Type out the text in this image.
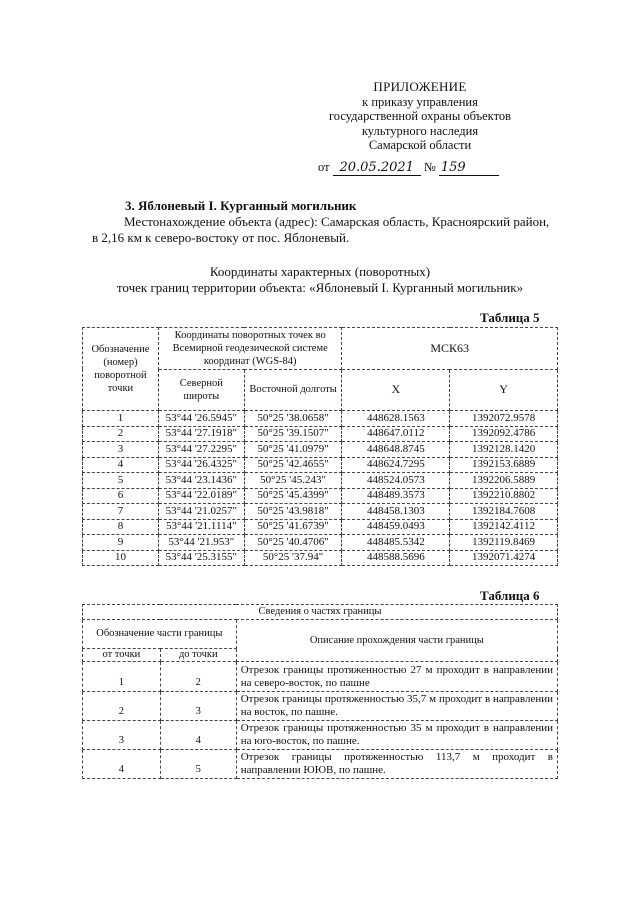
ПРИЛОЖЕНИЕ
к приказу управления
государственной охраны объектов
культурного наследия
Самарской области
от 20.05.2021 № 159
3. Яблоневый I. Курганный могильник
Местонахождение объекта (адрес): Самарская область, Красноярский район, в 2,16 км к северо-востоку от пос. Яблоневый.
Координаты характерных (поворотных)
точек границ территории объекта: «Яблоневый I. Курганный могильник»
Таблица 5
Обозначение (номер) поворотной точки	Координаты поворотных точек во Всемирной геодезической системе координат (WGS-84)		МСК63	
	Северной широты	Восточной долготы	X	Y
1	53°44 '26.5945"	50°25 '38.0658"	448628.1563	1392072.9578
2	53°44 '27.1918"	50°25 '39.1507"	448647.0112	1392092.4786
3	53°44 '27.2295"	50°25 '41.0979"	448648.8745	1392128.1420
4	53°44 '26.4325"	50°25 '42.4655"	448624.7295	1392153.6889
5	53°44 '23.1436"	50°25 '45.243"	448524.0573	1392206.5889
6	53°44 '22.0189"	50°25 '45.4399"	448489.3573	1392210.8802
7	53°44 '21.0257"	50°25 '43.9818"	448458.1303	1392184.7608
8	53°44 '21.1114"	50°25 '41.6739"	448459.0493	1392142.4112
9	53°44 '21.953"	50°25 '40.4706"	448485.5342	1392119.8469
10	53°44 '25.3155"	50°25 '37.94"	448588.5696	1392071.4274
Таблица 6
Сведения о частях границы		
Обозначение части границы		Описание прохождения части границы
от точки	до точки	
1	2	Отрезок границы протяженностью 27 м проходит в направлении на северо-восток, по пашне
2	3	Отрезок границы протяженностью 35,7 м проходит в направлении на восток, по пашне.
3	4	Отрезок границы протяженностью 35 м проходит в направлении на юго-восток, по пашне.
4	5	Отрезок границы протяженностью 113,7 м проходит в направлении ЮЮВ, по пашне.
